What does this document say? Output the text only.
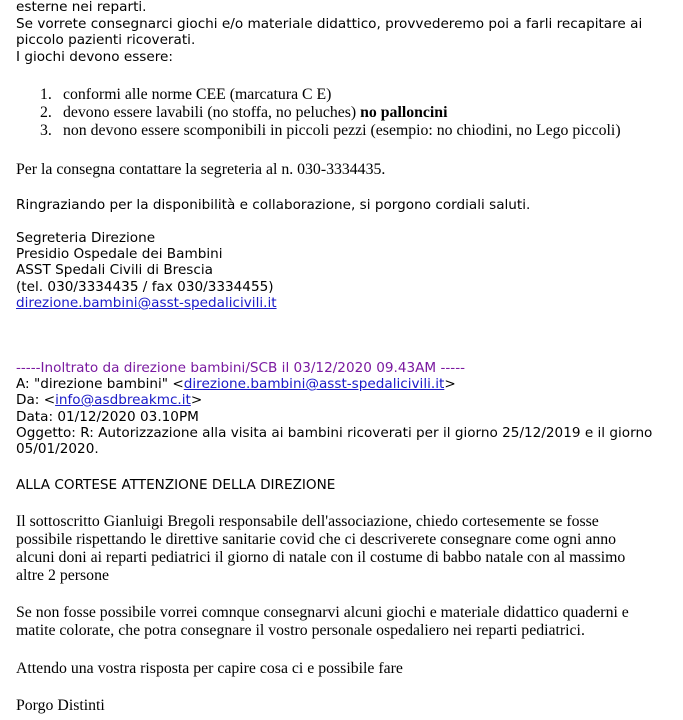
esterne nei reparti.
Se vorrete consegnarci giochi e/o materiale didattico, provvederemo poi a farli recapitare ai
piccolo pazienti ricoverati.
I giochi devono essere:
1. conformi alle norme CEE (marcatura C E)
2. devono essere lavabili (no stoffa, no peluches) no palloncini
3. non devono essere scomponibili in piccoli pezzi (esempio: no chiodini, no Lego piccoli)
Per la consegna contattare la segreteria al n. 030-3334435.
Ringraziando per la disponibilità e collaborazione, si porgono cordiali saluti.
Segreteria Direzione
Presidio Ospedale dei Bambini
ASST Spedali Civili di Brescia
(tel. 030/3334435 / fax 030/3334455)
direzione.bambini@asst-spedalicivili.it
-----Inoltrato da direzione bambini/SCB il 03/12/2020 09.43AM -----
A: "direzione bambini" <direzione.bambini@asst-spedalicivili.it>
Da: <info@asdbreakmc.it>
Data: 01/12/2020 03.10PM
Oggetto: R: Autorizzazione alla visita ai bambini ricoverati per il giorno 25/12/2019 e il giorno
05/01/2020.
ALLA CORTESE ATTENZIONE DELLA DIREZIONE
Il sottoscritto Gianluigi Bregoli responsabile dell'associazione, chiedo cortesemente se fosse
possibile rispettando le direttive sanitarie covid che ci descriverete consegnare come ogni anno
alcuni doni ai reparti pediatrici il giorno di natale con il costume di babbo natale con al massimo
altre 2 persone
Se non fosse possibile vorrei comnque consegnarvi alcuni giochi e materiale didattico quaderni e
matite colorate, che potra consegnare il vostro personale ospedaliero nei reparti pediatrici.
Attendo una vostra risposta per capire cosa ci e possibile fare
Porgo Distinti
